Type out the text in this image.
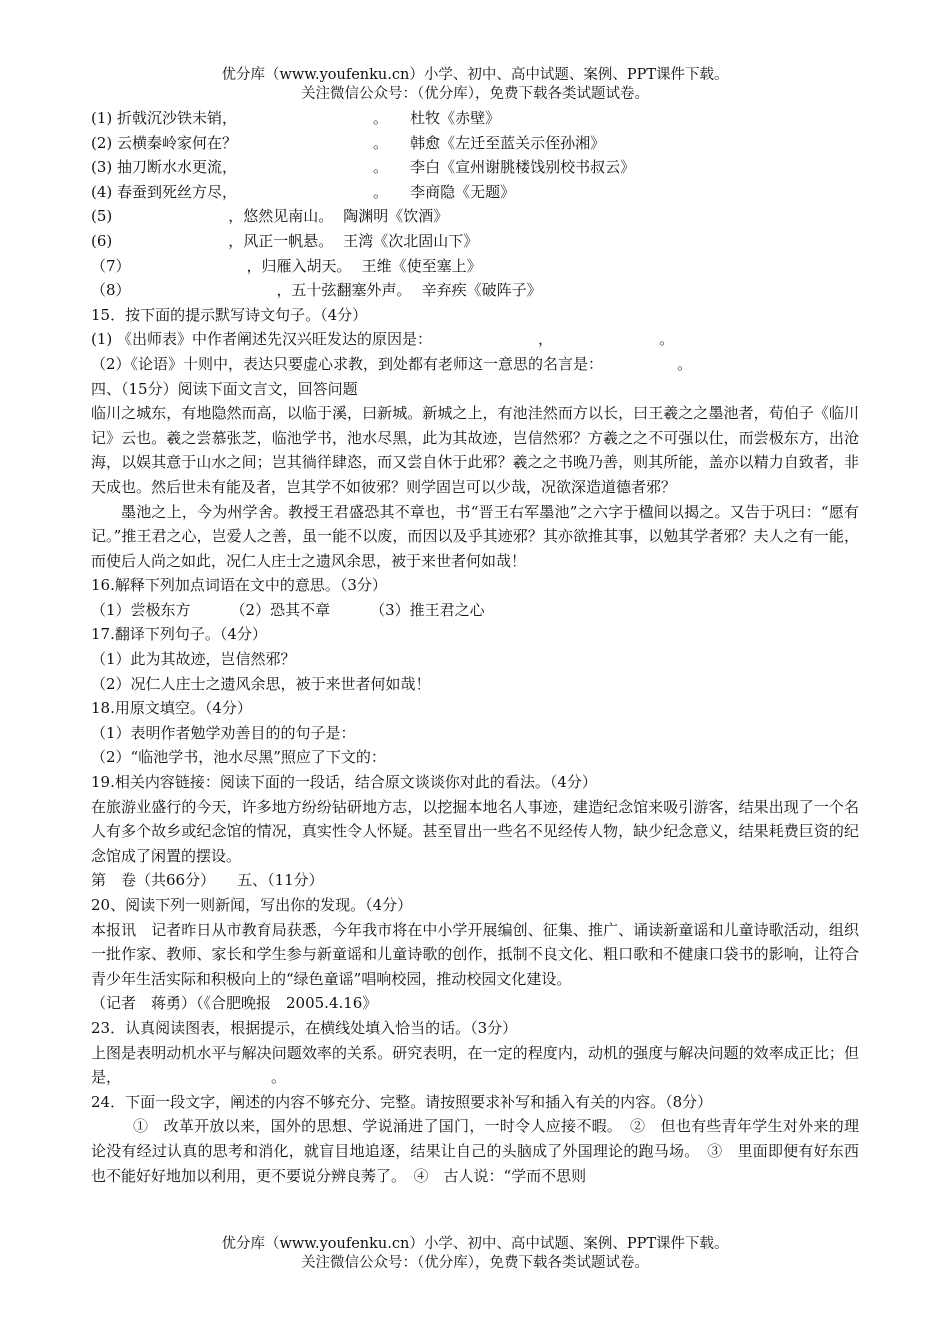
优分库（www.youfenku.cn）小学、初中、高中试题、案例、PPT课件下载。
关注微信公众号：（优分库），免费下载各类试题试卷。
(1) 折戟沉沙铁未销，	。 杜牧《赤壁》
(2) 云横秦岭家何在？	。 韩愈《左迁至蓝关示侄孙湘》
(3) 抽刀断水水更流，	。 李白《宣州谢朓楼饯别校书叔云》
(4) 春蚕到死丝方尽，	。 李商隐《无题》
(5)	，悠然见南山。 陶渊明《饮酒》
(6)	，风正一帆悬。 王湾《次北固山下》
（7）	，归雁入胡天。 王维《使至塞上》
（8）	，五十弦翻塞外声。 辛弃疾《破阵子》
15．按下面的提示默写诗文句子。（4分）
(1) 《出师表》中作者阐述先汉兴旺发达的原因是：	，	。
（2）《论语》十则中，表达只要虚心求教，到处都有老师这一意思的名言是：	。
四、（15分）阅读下面文言文，回答问题
临川之城东，有地隐然而高，以临于溪，曰新城。新城之上，有池洼然而方以长，曰王羲之之墨池者，荀伯子《临川记》云也。羲之尝慕张芝，临池学书，池水尽黑，此为其故迹，岂信然邪？方羲之之不可强以仕，而尝极东方，出沧海，以娱其意于山水之间；岂其徜徉肆恣，而又尝自休于此邪？羲之之书晚乃善，则其所能，盖亦以精力自致者，非天成也。然后世未有能及者，岂其学不如彼邪？则学固岂可以少哉，况欲深造道德者邪？
墨池之上，今为州学舍。教授王君盛恐其不章也，书“晋王右军墨池”之六字于楹间以揭之。又告于巩曰：“愿有记。”推王君之心，岂爱人之善，虽一能不以废，而因以及乎其迹邪？其亦欲推其事，以勉其学者邪？夫人之有一能，而使后人尚之如此，况仁人庄士之遗风余思，被于来世者何如哉！
16.解释下列加点词语在文中的意思。（3分）
（1）尝极东方	（2）恐其不章	（3）推王君之心
17.翻译下列句子。（4分）
（1）此为其故迹，岂信然邪？
（2）况仁人庄士之遗风余思，被于来世者何如哉！
18.用原文填空。（4分）
（1）表明作者勉学劝善目的的句子是：
（2）“临池学书，池水尽黑”照应了下文的：
19.相关内容链接：阅读下面的一段话，结合原文谈谈你对此的看法。（4分）
在旅游业盛行的今天，许多地方纷纷钻研地方志，以挖掘本地名人事迹，建造纪念馆来吸引游客，结果出现了一个名人有多个故乡或纪念馆的情况，真实性令人怀疑。甚至冒出一些名不见经传人物，缺少纪念意义，结果耗费巨资的纪念馆成了闲置的摆设。
第　卷（共66分） 五、（11分）
20、阅读下列一则新闻，写出你的发现。（4分）
本报讯　记者昨日从市教育局获悉，今年我市将在中小学开展编创、征集、推广、诵读新童谣和儿童诗歌活动，组织一批作家、教师、家长和学生参与新童谣和儿童诗歌的创作，抵制不良文化、粗口歌和不健康口袋书的影响，让符合青少年生活实际和积极向上的“绿色童谣”唱响校园，推动校园文化建设。
（记者　蒋勇）（《合肥晚报　2005.4.16》
23．认真阅读图表，根据提示，在横线处填入恰当的话。（3分）
上图是表明动机水平与解决问题效率的关系。研究表明，在一定的程度内，动机的强度与解决问题的效率成正比；但是，	。
24．下面一段文字，阐述的内容不够充分、完整。请按照要求补写和插入有关的内容。（8分）
①　改革开放以来，国外的思想、学说涌进了国门，一时令人应接不暇。　②　但也有些青年学生对外来的理论没有经过认真的思考和消化，就盲目地追逐，结果让自己的头脑成了外国理论的跑马场。　③　里面即便有好东西也不能好好地加以利用，更不要说分辨良莠了。　④　古人说：“学而不思则
优分库（www.youfenku.cn）小学、初中、高中试题、案例、PPT课件下载。
关注微信公众号：（优分库），免费下载各类试题试卷。
